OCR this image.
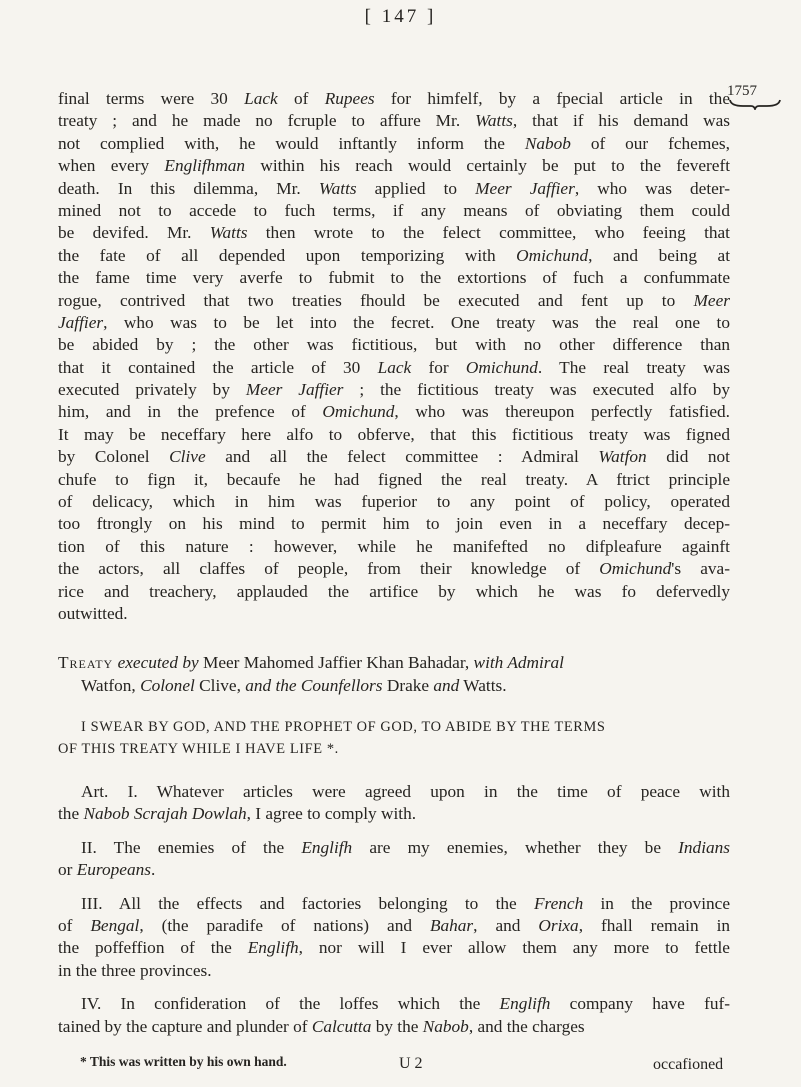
[ 147 ]
1757
final terms were 30 Lack of Rupees for himfelf, by a fpecial article in the
treaty ; and he made no fcruple to affure Mr. Watts, that if his demand was
not complied with, he would inftantly inform the Nabob of our fchemes,
when every Englifhman within his reach would certainly be put to the fevereft
death. In this dilemma, Mr. Watts applied to Meer Jaffier, who was deter-
mined not to accede to fuch terms, if any means of obviating them could
be devifed. Mr. Watts then wrote to the felect committee, who feeing that
the fate of all depended upon temporizing with Omichund, and being at
the fame time very averfe to fubmit to the extortions of fuch a confummate
rogue, contrived that two treaties fhould be executed and fent up to Meer
Jaffier, who was to be let into the fecret. One treaty was the real one to
be abided by ; the other was fictitious, but with no other difference than
that it contained the article of 30 Lack for Omichund. The real treaty was
executed privately by Meer Jaffier ; the fictitious treaty was executed alfo by
him, and in the prefence of Omichund, who was thereupon perfectly fatisfied.
It may be neceffary here alfo to obferve, that this fictitious treaty was figned
by Colonel Clive and all the felect committee : Admiral Watfon did not
chufe to fign it, becaufe he had figned the real treaty. A ftrict principle
of delicacy, which in him was fuperior to any point of policy, operated
too ftrongly on his mind to permit him to join even in a neceffary decep-
tion of this nature : however, while he manifefted no difpleafure againft
the actors, all claffes of people, from their knowledge of Omichund's ava-
rice and treachery, applauded the artifice by which he was fo defervedly
outwitted.
Treaty executed by Meer Mahomed Jaffier Khan Bahadar, with Admiral
Watfon, Colonel Clive, and the Counfellors Drake and Watts.
I SWEAR BY GOD, AND THE PROPHET OF GOD, TO ABIDE BY THE TERMS
OF THIS TREATY WHILE I HAVE LIFE *.
Art. I. Whatever articles were agreed upon in the time of peace with
the Nabob Scrajah Dowlah, I agree to comply with.
II. The enemies of the Englifh are my enemies, whether they be Indians
or Europeans.
III. All the effects and factories belonging to the French in the province
of Bengal, (the paradife of nations) and Bahar, and Orixa, fhall remain in
the poffeffion of the Englifh, nor will I ever allow them any more to fettle
in the three provinces.
IV. In confideration of the loffes which the Englifh company have fuf-
tained by the capture and plunder of Calcutta by the Nabob, and the charges
* This was written by his own hand.	U 2	occafioned
